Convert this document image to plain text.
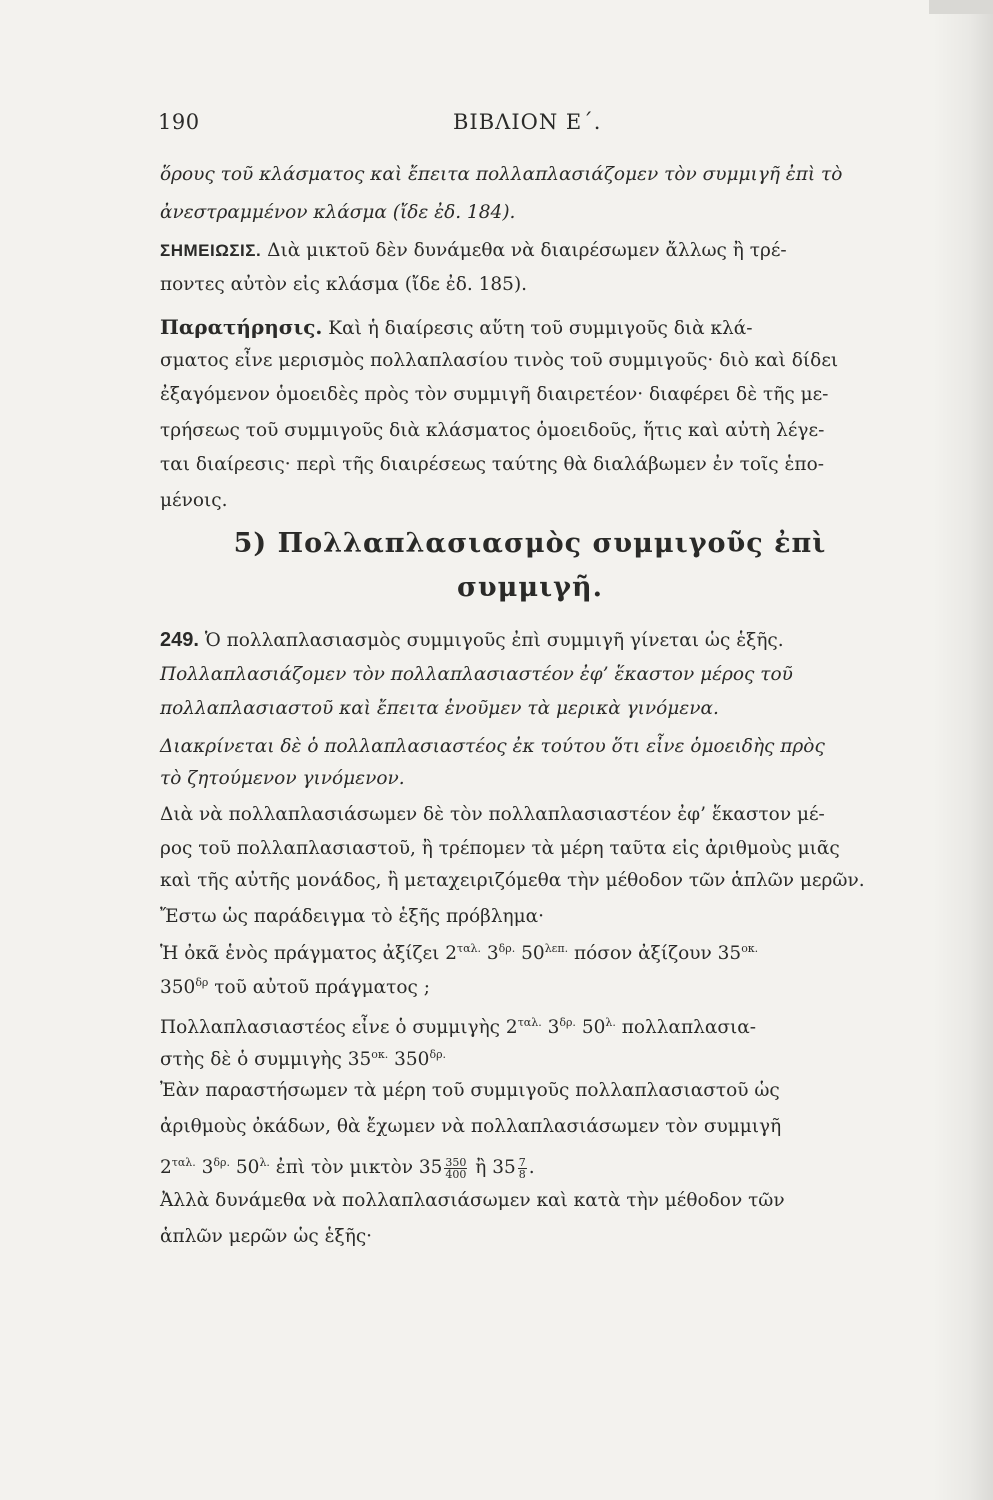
190	ΒΙΒΛΙΟΝ Ε΄.
ὅρους τοῦ κλάσματος καὶ ἔπειτα πολλαπλασιάζομεν τὸν συμμιγῆ ἐπὶ τὸ
ἀνεστραμμένον κλάσμα (ἴδε ἐδ. 184).
ΣΗΜΕΙΩΣΙΣ. Διὰ μικτοῦ δὲν δυνάμεθα νὰ διαιρέσωμεν ἄλλως ἢ τρέ-
ποντες αὐτὸν εἰς κλάσμα (ἴδε ἐδ. 185).
Παρατήρησις. Καὶ ἡ διαίρεσις αὕτη τοῦ συμμιγοῦς διὰ κλά-
σματος εἶνε μερισμὸς πολλαπλασίου τινὸς τοῦ συμμιγοῦς· διὸ καὶ δίδει
ἐξαγόμενον ὁμοειδὲς πρὸς τὸν συμμιγῆ διαιρετέον· διαφέρει δὲ τῆς με-
τρήσεως τοῦ συμμιγοῦς διὰ κλάσματος ὁμοειδοῦς, ἥτις καὶ αὐτὴ λέγε-
ται διαίρεσις· περὶ τῆς διαιρέσεως ταύτης θὰ διαλάβωμεν ἐν τοῖς ἑπο-
μένοις.
5) Πολλαπλασιασμὸς συμμιγοῦς ἐπὶ
συμμιγῆ.
249. Ὁ πολλαπλασιασμὸς συμμιγοῦς ἐπὶ συμμιγῆ γίνεται ὡς ἑξῆς.
Πολλαπλασιάζομεν τὸν πολλαπλασιαστέον ἐφ’ ἕκαστον μέρος τοῦ
πολλαπλασιαστοῦ καὶ ἔπειτα ἑνοῦμεν τὰ μερικὰ γινόμενα.
Διακρίνεται δὲ ὁ πολλαπλασιαστέος ἐκ τούτου ὅτι εἶνε ὁμοειδὴς πρὸς
τὸ ζητούμενον γινόμενον.
Διὰ νὰ πολλαπλασιάσωμεν δὲ τὸν πολλαπλασιαστέον ἐφ’ ἕκαστον μέ-
ρος τοῦ πολλαπλασιαστοῦ, ἢ τρέπομεν τὰ μέρη ταῦτα εἰς ἀριθμοὺς μιᾶς
καὶ τῆς αὐτῆς μονάδος, ἢ μεταχειριζόμεθα τὴν μέθοδον τῶν ἁπλῶν μερῶν.
Ἔστω ὡς παράδειγμα τὸ ἑξῆς πρόβλημα·
Ἡ ὀκᾶ ἑνὸς πράγματος ἀξίζει $2^{\tau\alpha\lambda.}$ $3^{\delta\rho.}$ $50^{\lambda\varepsilon\pi.}$ πόσον ἀξίζουν $35^{o\kappa.}$
$350^{\delta\rho}$ τοῦ αὐτοῦ πράγματος ;
Πολλαπλασιαστέος εἶνε ὁ συμμιγὴς $2^{\tau\alpha\lambda.}$ $3^{\delta\rho.}$ $50^{\lambda.}$ πολλαπλασια-
στὴς δὲ ὁ συμμιγὴς $35^{o\kappa.}$ $350^{\delta\rho.}$
Ἐὰν παραστήσωμεν τὰ μέρη τοῦ συμμιγοῦς πολλαπλασιαστοῦ ὡς
ἀριθμοὺς ὀκάδων, θὰ ἔχωμεν νὰ πολλαπλασιάσωμεν τὸν συμμιγῆ
$2^{\tau\alpha\lambda.}$ $3^{\delta\rho.}$ $50^{\lambda.}$ ἐπὶ τὸν μικτὸν $35 \frac{350}{400}$ ἢ $35 \frac{7}{8}$ .
Ἀλλὰ δυνάμεθα νὰ πολλαπλασιάσωμεν καὶ κατὰ τὴν μέθοδον τῶν
ἁπλῶν μερῶν ὡς ἑξῆς·
